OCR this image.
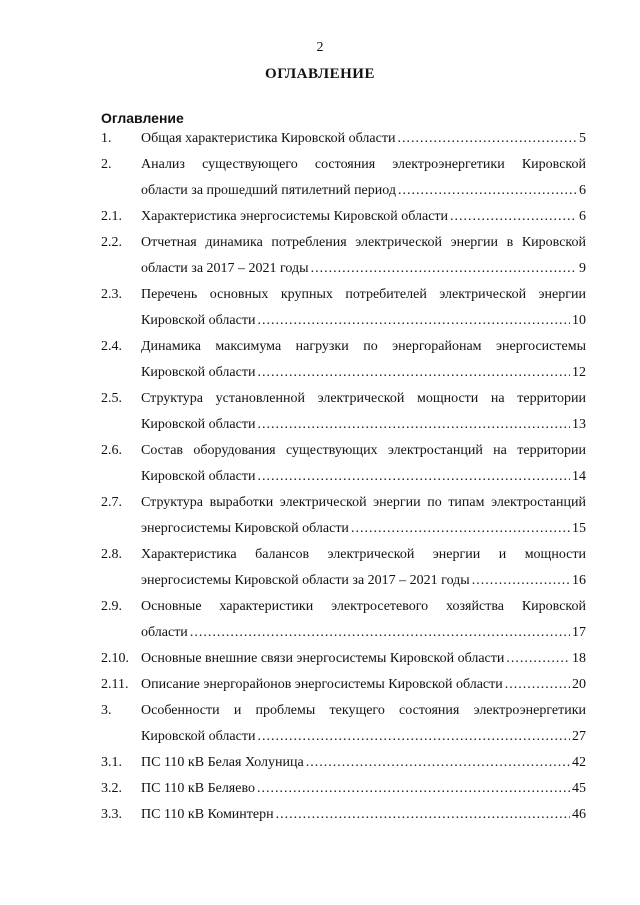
2
ОГЛАВЛЕНИЕ
Оглавление
1.	Общая характеристика Кировской области .....	5
2.	Анализ существующего состояния электроэнергетики Кировской
области за прошедший пятилетний период .....	6
2.1.	Характеристика энергосистемы Кировской области .....	6
2.2.	Отчетная динамика потребления электрической энергии в Кировской
области за 2017 – 2021 годы .....	9
2.3.	Перечень основных крупных потребителей электрической энергии
Кировской области .....	10
2.4.	Динамика максимума нагрузки по энергорайонам энергосистемы
Кировской области .....	12
2.5.	Структура установленной электрической мощности на территории
Кировской области .....	13
2.6.	Состав оборудования существующих электростанций на территории
Кировской области .....	14
2.7.	Структура выработки электрической энергии по типам электростанций
энергосистемы Кировской области .....	15
2.8.	Характеристика балансов электрической энергии и мощности
энергосистемы Кировской области за 2017 – 2021 годы .....	16
2.9.	Основные характеристики электросетевого хозяйства Кировской
области .....	17
2.10. Основные внешние связи энергосистемы Кировской области .....	18
2.11. Описание энергорайонов энергосистемы Кировской области .....	20
3.	Особенности и проблемы текущего состояния электроэнергетики
Кировской области .....	27
3.1.	ПС 110 кВ Белая Холуница .....	42
3.2.	ПС 110 кВ Беляево .....	45
3.3.	ПС 110 кВ Коминтерн .....	46
